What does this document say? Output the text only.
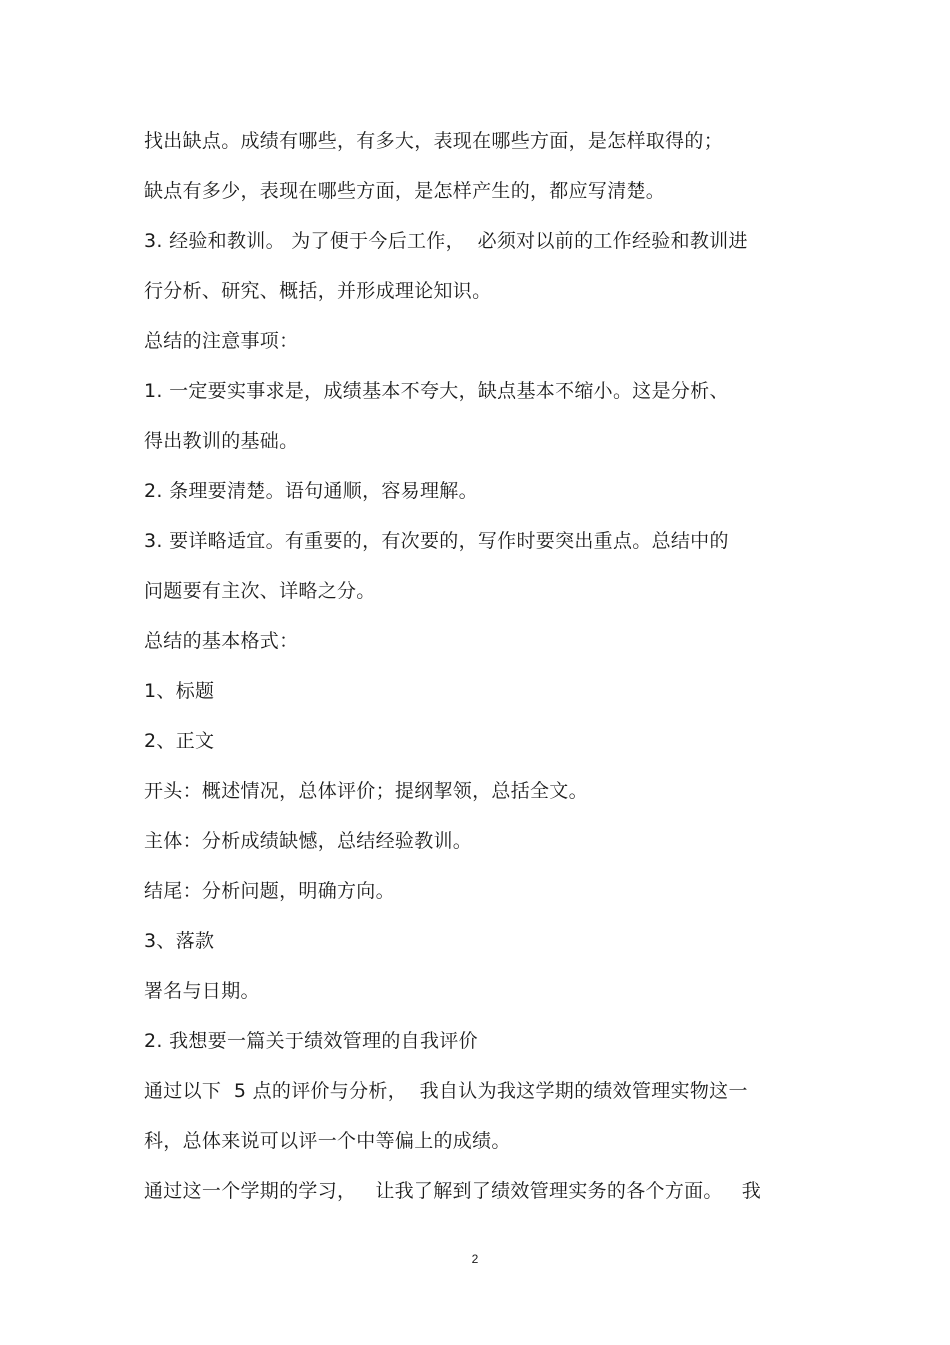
找出缺点。成绩有哪些，有多大，表现在哪些方面，是怎样取得的；
缺点有多少，表现在哪些方面，是怎样产生的，都应写清楚。
3. 经验和教训。 为了便于今后工作，  必须对以前的工作经验和教训进
行分析、研究、概括，并形成理论知识。
总结的注意事项：
1. 一定要实事求是，成绩基本不夸大，缺点基本不缩小。这是分析、
得出教训的基础。
2. 条理要清楚。语句通顺，容易理解。
3. 要详略适宜。有重要的，有次要的，写作时要突出重点。总结中的
问题要有主次、详略之分。
总结的基本格式：
1、标题
2、正文
开头：概述情况，总体评价；提纲挈领，总括全文。
主体：分析成绩缺憾，总结经验教训。
结尾：分析问题，明确方向。
3、落款
署名与日期。
2. 我想要一篇关于绩效管理的自我评价
通过以下  5 点的评价与分析，  我自认为我这学期的绩效管理实物这一
科，总体来说可以评一个中等偏上的成绩。
通过这一个学期的学习，   让我了解到了绩效管理实务的各个方面。   我
2
